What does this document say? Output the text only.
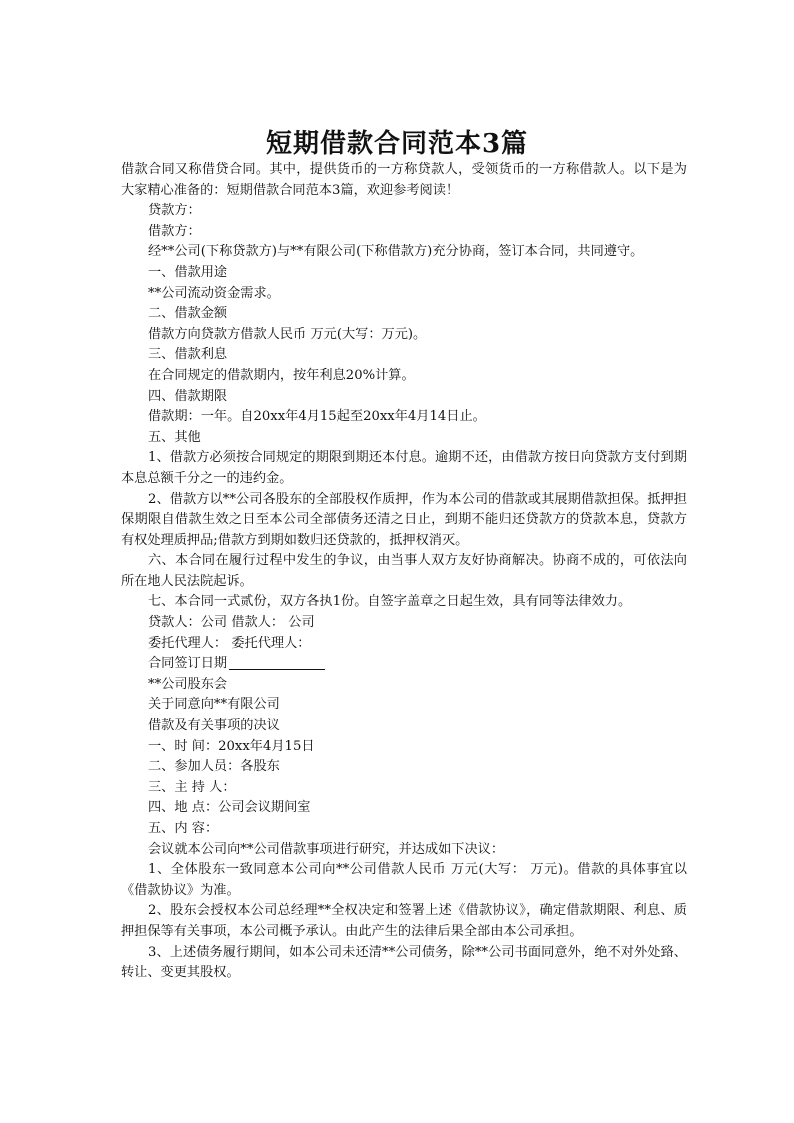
短期借款合同范本3篇

借款合同又称借贷合同。其中，提供货币的一方称贷款人，受领货币的一方称借款人。以下是为大家精心准备的：短期借款合同范本3篇，欢迎参考阅读！

贷款方：

借款方：

经**公司(下称贷款方)与**有限公司(下称借款方)充分协商，签订本合同，共同遵守。

一、借款用途

**公司流动资金需求。

二、借款金额

借款方向贷款方借款人民币 万元(大写：万元)。

三、借款利息

在合同规定的借款期内，按年利息20%计算。

四、借款期限

借款期：一年。自20xx年4月15起至20xx年4月14日止。

五、其他

1、借款方必须按合同规定的期限到期还本付息。逾期不还，由借款方按日向贷款方支付到期本息总额千分之一的违约金。

2、借款方以**公司各股东的全部股权作质押，作为本公司的借款或其展期借款担保。抵押担保期限自借款生效之日至本公司全部债务还清之日止，到期不能归还贷款方的贷款本息，贷款方有权处理质押品;借款方到期如数归还贷款的，抵押权消灭。

六、本合同在履行过程中发生的争议，由当事人双方友好协商解决。协商不成的，可依法向所在地人民法院起诉。

七、本合同一式贰份，双方各执1份。自签字盖章之日起生效，具有同等法律效力。

贷款人：公司 借款人： 公司

委托代理人： 委托代理人：

合同签订日期

**公司股东会

关于同意向**有限公司

借款及有关事项的决议

一、时 间：20xx年4月15日

二、参加人员：各股东

三、主 持 人：

四、地 点：公司会议期间室

五、内 容：

会议就本公司向**公司借款事项进行研究，并达成如下决议：

1、全体股东一致同意本公司向**公司借款人民币 万元(大写： 万元)。借款的具体事宜以《借款协议》为准。

2、股东会授权本公司总经理**全权决定和签署上述《借款协议》，确定借款期限、利息、质押担保等有关事项，本公司概予承认。由此产生的法律后果全部由本公司承担。

3、上述债务履行期间，如本公司未还清**公司债务，除**公司书面同意外，绝不对外处臵、转让、变更其股权。
